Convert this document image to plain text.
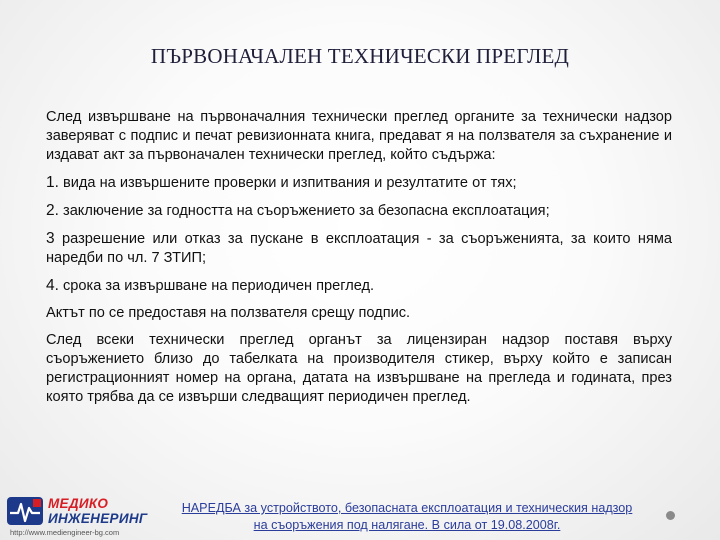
ПЪРВОНАЧАЛЕН ТЕХНИЧЕСКИ ПРЕГЛЕД

След извършване на първоначалния технически преглед органите за технически надзор заверяват с подпис и печат ревизионната книга, предават я на ползвателя за съхранение и издават акт за първоначален технически преглед, който съдържа:

1. вида на извършените проверки и изпитвания и резултатите от тях;

2. заключение за годността на съоръжението за безопасна експлоатация;

3 разрешение или отказ за пускане в експлоатация - за съоръженията, за които няма наредби по чл. 7 ЗТИП;

4. срока за извършване на периодичен преглед.

Актът по се предоставя на ползвателя срещу подпис.

След всеки технически преглед органът за лицензиран надзор поставя върху съоръжението близо до табелката на производителя стикер, върху който е записан регистрационният номер на органа, датата на извършване на прегледа и годината, през която трябва да се извърши следващият периодичен преглед.

МЕДИКО
ИНЖЕНЕРИНГ
http://www.mediengineer-bg.com
НАРЕДБА за устройството, безопасната експлоатация и техническия надзор
на съоръжения под налягане. В сила от 19.08.2008г.
